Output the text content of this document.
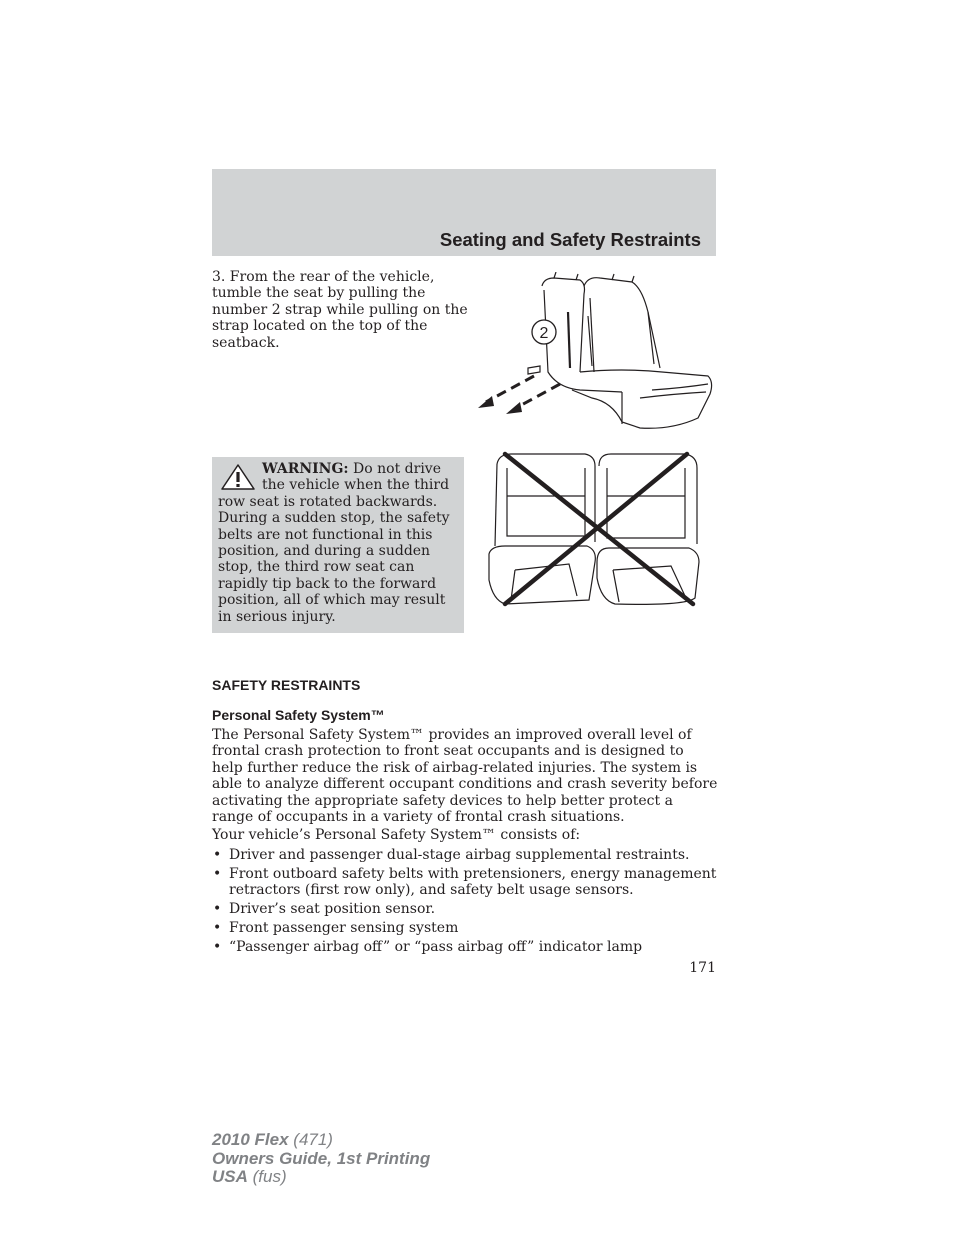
Seating and Safety Restraints
3. From the rear of the vehicle, tumble the seat by pulling the number 2 strap while pulling on the strap located on the top of the seatback.
2
WARNING: Do not drive the vehicle when the third row seat is rotated backwards. During a sudden stop, the safety belts are not functional in this position, and during a sudden stop, the third row seat can rapidly tip back to the forward position, all of which may result in serious injury.
SAFETY RESTRAINTS
Personal Safety System™
The Personal Safety System™ provides an improved overall level of frontal crash protection to front seat occupants and is designed to help further reduce the risk of airbag-related injuries. The system is able to analyze different occupant conditions and crash severity before activating the appropriate safety devices to help better protect a range of occupants in a variety of frontal crash situations.
Your vehicle’s Personal Safety System™ consists of:
• Driver and passenger dual-stage airbag supplemental restraints.
• Front outboard safety belts with pretensioners, energy management retractors (first row only), and safety belt usage sensors.
• Driver’s seat position sensor.
• Front passenger sensing system
• “Passenger airbag off” or “pass airbag off” indicator lamp
171
2010 Flex (471)
Owners Guide, 1st Printing
USA (fus)
